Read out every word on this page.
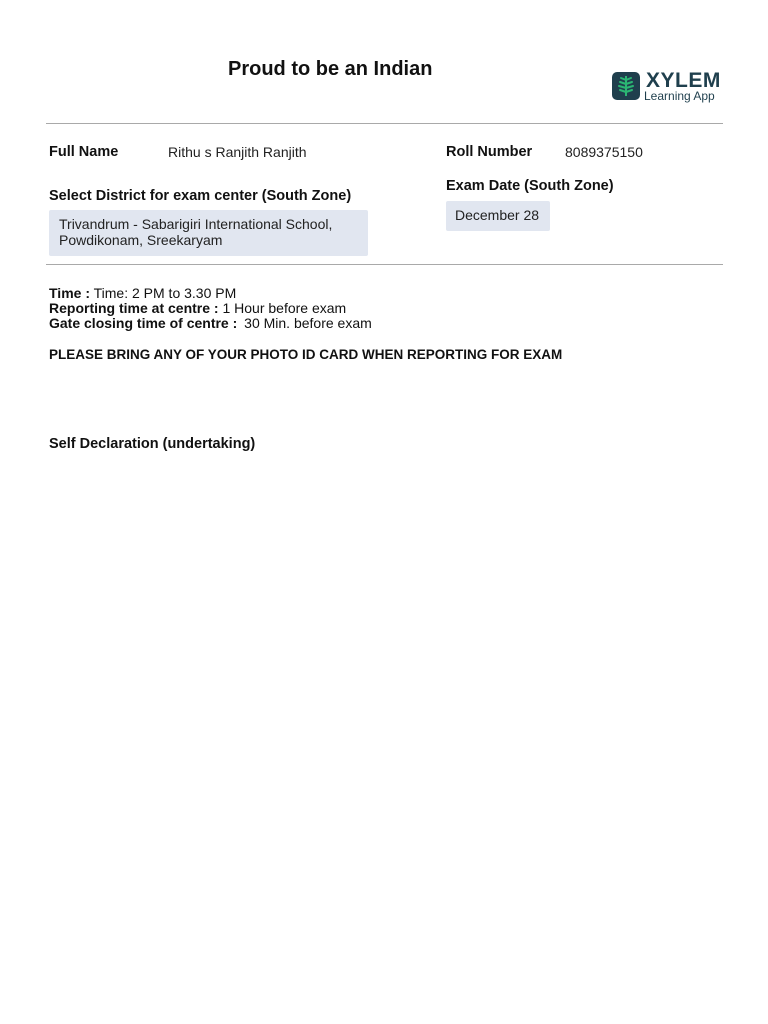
Proud to be an Indian	XYLEM
Learning App
Full Name	Rithu s Ranjith Ranjith	Roll Number 8089375150
Exam Date (South Zone)
December 28
Select District for exam center (South Zone)
Trivandrum - Sabarigiri International School,
Powdikonam, Sreekaryam
Time : Time: 2 PM to 3.30 PM
Reporting time at centre : 1 Hour before exam
Gate closing time of centre : 30 Min. before exam
PLEASE BRING ANY OF YOUR PHOTO ID CARD WHEN REPORTING FOR EXAM
Self Declaration (undertaking)
